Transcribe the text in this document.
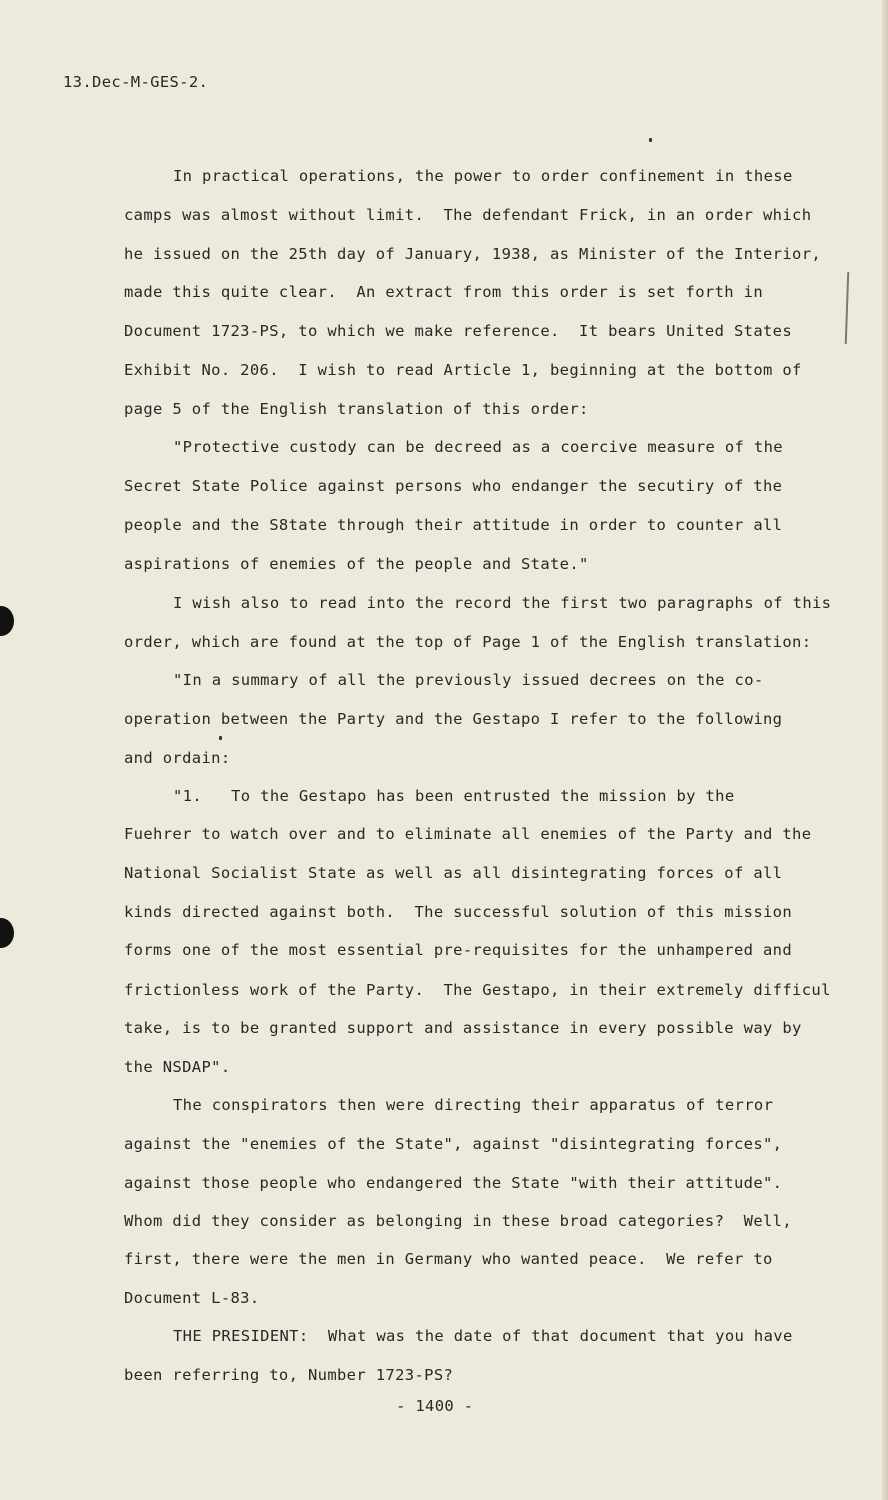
13.Dec-M-GES-2.
In practical operations, the power to order confinement in these
camps was almost without limit.  The defendant Frick, in an order which
he issued on the 25th day of January, 1938, as Minister of the Interior,
made this quite clear.  An extract from this order is set forth in
Document 1723-PS, to which we make reference.  It bears United States
Exhibit No. 206.  I wish to read Article 1, beginning at the bottom of
page 5 of the English translation of this order:
"Protective custody can be decreed as a coercive measure of the
Secret State Police against persons who endanger the secutiry of the
people and the S8tate through their attitude in order to counter all
aspirations of enemies of the people and State."
I wish also to read into the record the first two paragraphs of this
order, which are found at the top of Page 1 of the English translation:
"In a summary of all the previously issued decrees on the co-
operation between the Party and the Gestapo I refer to the following
and ordain:
"1.   To the Gestapo has been entrusted the mission by the
Fuehrer to watch over and to eliminate all enemies of the Party and the
National Socialist State as well as all disintegrating forces of all
kinds directed against both.  The successful solution of this mission
forms one of the most essential pre-requisites for the unhampered and
frictionless work of the Party.  The Gestapo, in their extremely difficul
take, is to be granted support and assistance in every possible way by
the NSDAP".
The conspirators then were directing their apparatus of terror
against the "enemies of the State", against "disintegrating forces",
against those people who endangered the State "with their attitude".
Whom did they consider as belonging in these broad categories?  Well,
first, there were the men in Germany who wanted peace.  We refer to
Document L-83.
THE PRESIDENT:  What was the date of that document that you have
been referring to, Number 1723-PS?
- 1400 -
